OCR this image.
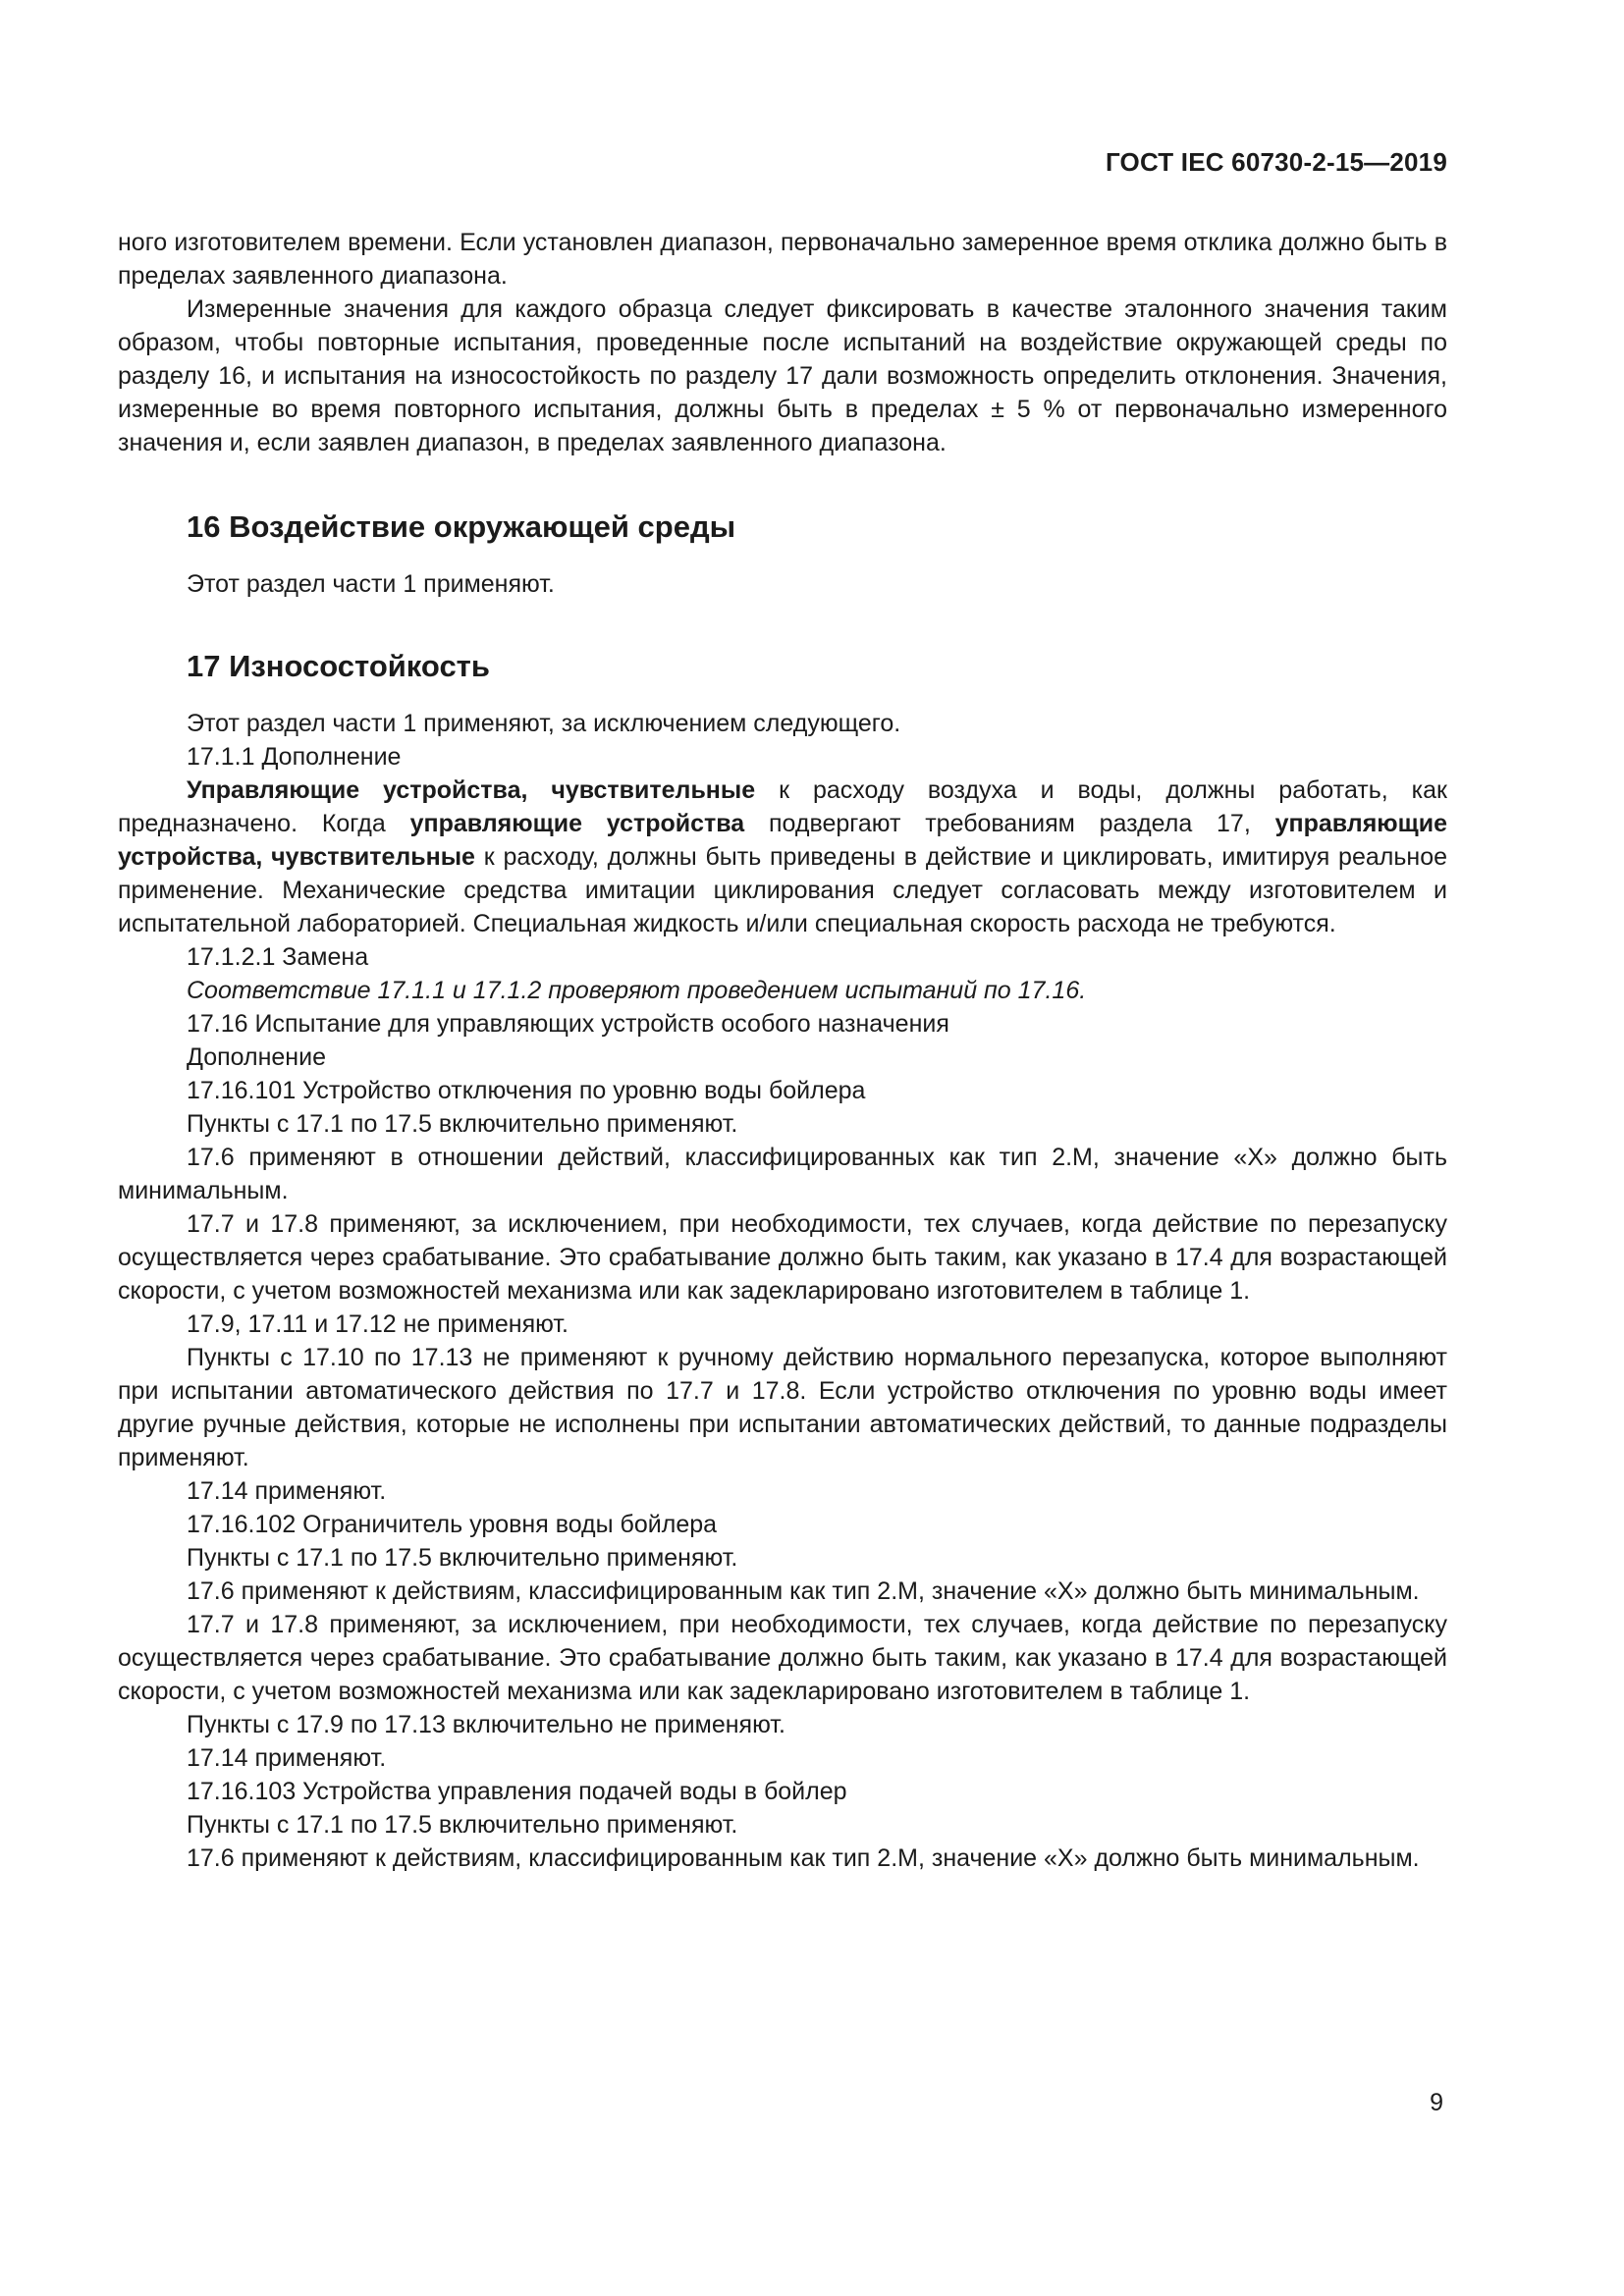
ГОСТ IEC 60730-2-15—2019

ного изготовителем времени. Если установлен диапазон, первоначально замеренное время отклика должно быть в пределах заявленного диапазона.

Измеренные значения для каждого образца следует фиксировать в качестве эталонного значения таким образом, чтобы повторные испытания, проведенные после испытаний на воздействие окружающей среды по разделу 16, и испытания на износостойкость по разделу 17 дали возможность определить отклонения. Значения, измеренные во время повторного испытания, должны быть в пределах ± 5 % от первоначально измеренного значения и, если заявлен диапазон, в пределах заявленного диапазона.

16 Воздействие окружающей среды

Этот раздел части 1 применяют.

17 Износостойкость

Этот раздел части 1 применяют, за исключением следующего.

17.1.1 Дополнение

Управляющие устройства, чувствительные к расходу воздуха и воды, должны работать, как предназначено. Когда управляющие устройства подвергают требованиям раздела 17, управляющие устройства, чувствительные к расходу, должны быть приведены в действие и циклировать, имитируя реальное применение. Механические средства имитации циклирования следует согласовать между изготовителем и испытательной лабораторией. Специальная жидкость и/или специальная скорость расхода не требуются.

17.1.2.1 Замена

Соответствие 17.1.1 и 17.1.2 проверяют проведением испытаний по 17.16.

17.16 Испытание для управляющих устройств особого назначения

Дополнение

17.16.101 Устройство отключения по уровню воды бойлера

Пункты с 17.1 по 17.5 включительно применяют.

17.6 применяют в отношении действий, классифицированных как тип 2.M, значение «X» должно быть минимальным.

17.7 и 17.8 применяют, за исключением, при необходимости, тех случаев, когда действие по перезапуску осуществляется через срабатывание. Это срабатывание должно быть таким, как указано в 17.4 для возрастающей скорости, с учетом возможностей механизма или как задекларировано изготовителем в таблице 1.

17.9, 17.11 и 17.12 не применяют.

Пункты с 17.10 по 17.13 не применяют к ручному действию нормального перезапуска, которое выполняют при испытании автоматического действия по 17.7 и 17.8. Если устройство отключения по уровню воды имеет другие ручные действия, которые не исполнены при испытании автоматических действий, то данные подразделы применяют.

17.14 применяют.

17.16.102 Ограничитель уровня воды бойлера

Пункты с 17.1 по 17.5 включительно применяют.

17.6 применяют к действиям, классифицированным как тип 2.M, значение «X» должно быть минимальным.

17.7 и 17.8 применяют, за исключением, при необходимости, тех случаев, когда действие по перезапуску осуществляется через срабатывание. Это срабатывание должно быть таким, как указано в 17.4 для возрастающей скорости, с учетом возможностей механизма или как задекларировано изготовителем в таблице 1.

Пункты с 17.9 по 17.13 включительно не применяют.

17.14 применяют.

17.16.103 Устройства управления подачей воды в бойлер

Пункты с 17.1 по 17.5 включительно применяют.

17.6 применяют к действиям, классифицированным как тип 2.M, значение «X» должно быть минимальным.

9
